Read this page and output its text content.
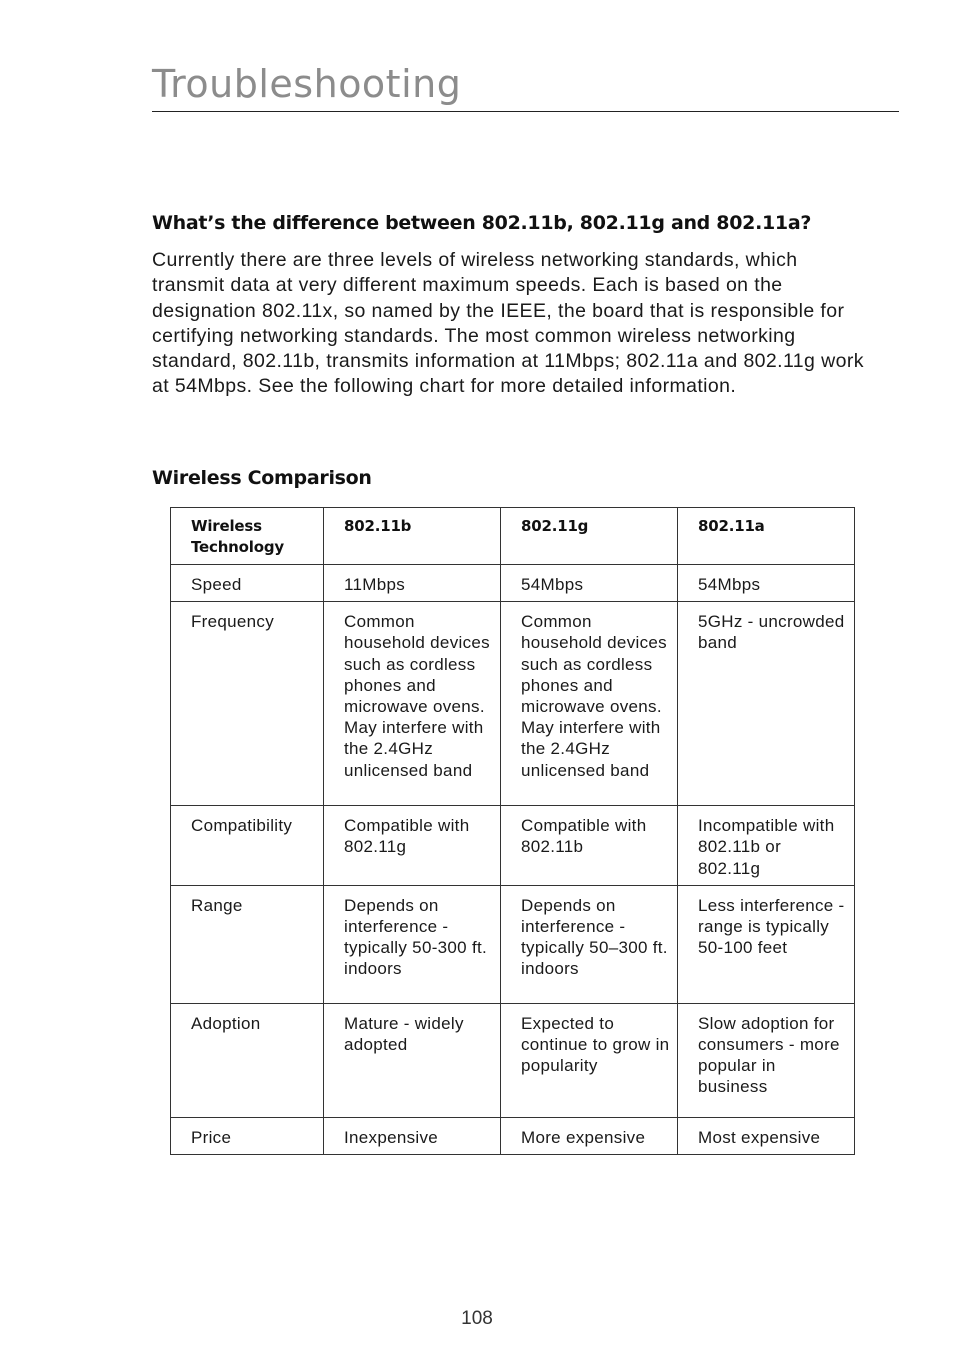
Troubleshooting
What’s the difference between 802.11b, 802.11g and 802.11a?

Currently there are three levels of wireless networking standards, which transmit data at very different maximum speeds. Each is based on the designation 802.11x, so named by the IEEE, the board that is responsible for certifying networking standards. The most common wireless networking standard, 802.11b, transmits information at 11Mbps; 802.11a and 802.11g work at 54Mbps. See the following chart for more detailed information.

Wireless Comparison
Wireless Technology	802.11b	802.11g	802.11a
Speed	11Mbps	54Mbps	54Mbps
Frequency	Common household devices such as cordless phones and microwave ovens. May interfere with the 2.4GHz unlicensed band	Common household devices such as cordless phones and microwave ovens. May interfere with the 2.4GHz unlicensed band	5GHz - uncrowded band
Compatibility	Compatible with 802.11g	Compatible with 802.11b	Incompatible with 802.11b or 802.11g
Range	Depends on interference - typically 50-300 ft. indoors	Depends on interference - typically 50–300 ft. indoors	Less interference - range is typically 50-100 feet
Adoption	Mature - widely adopted	Expected to continue to grow in popularity	Slow adoption for consumers - more popular in business
Price	Inexpensive	More expensive	Most expensive
108
